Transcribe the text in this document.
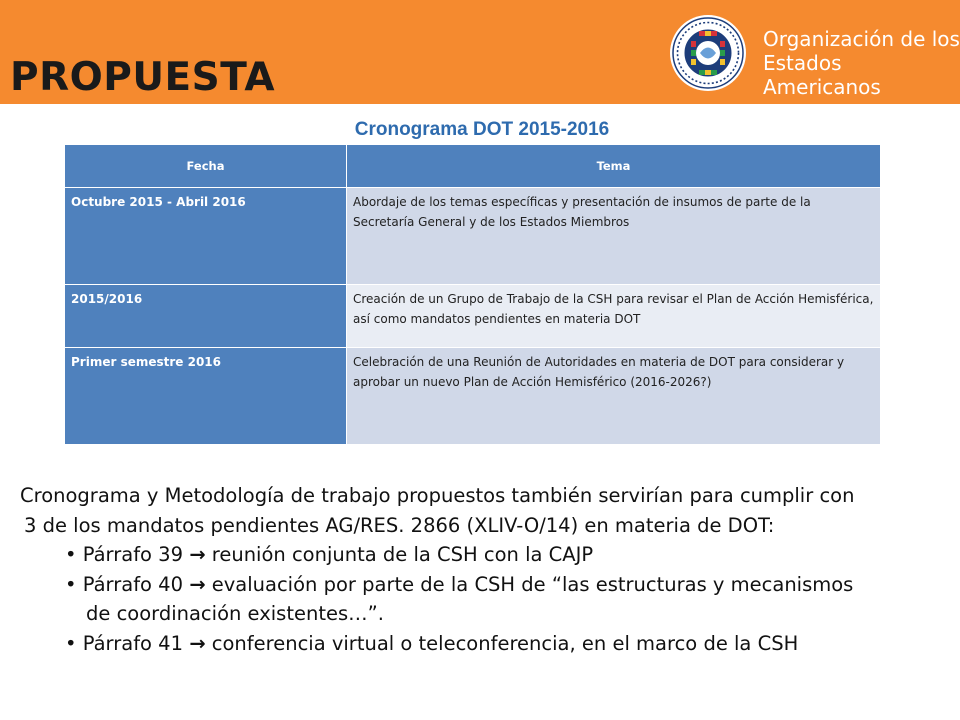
PROPUESTA
Organización de los
Estados Americanos
Cronograma DOT 2015-2016
Fecha	Tema
Octubre 2015 - Abril 2016	Abordaje de los temas específicas y presentación de insumos de parte de la Secretaría General y de los Estados Miembros
2015/2016	Creación de un Grupo de Trabajo de la CSH para revisar el Plan de Acción Hemisférica, así como mandatos pendientes en materia DOT
Primer semestre 2016	Celebración de una Reunión de Autoridades en materia de DOT para considerar y aprobar un nuevo Plan de Acción Hemisférico (2016-2026?)
Cronograma y Metodología de trabajo propuestos también servirían para cumplir con
3 de los mandatos pendientes AG/RES. 2866 (XLIV-O/14) en materia de DOT:
• Párrafo 39 → reunión conjunta de la CSH con la CAJP
• Párrafo 40 → evaluación por parte de la CSH de “las estructuras y mecanismos
de coordinación existentes…”.
• Párrafo 41 → conferencia virtual o teleconferencia, en el marco de la CSH
